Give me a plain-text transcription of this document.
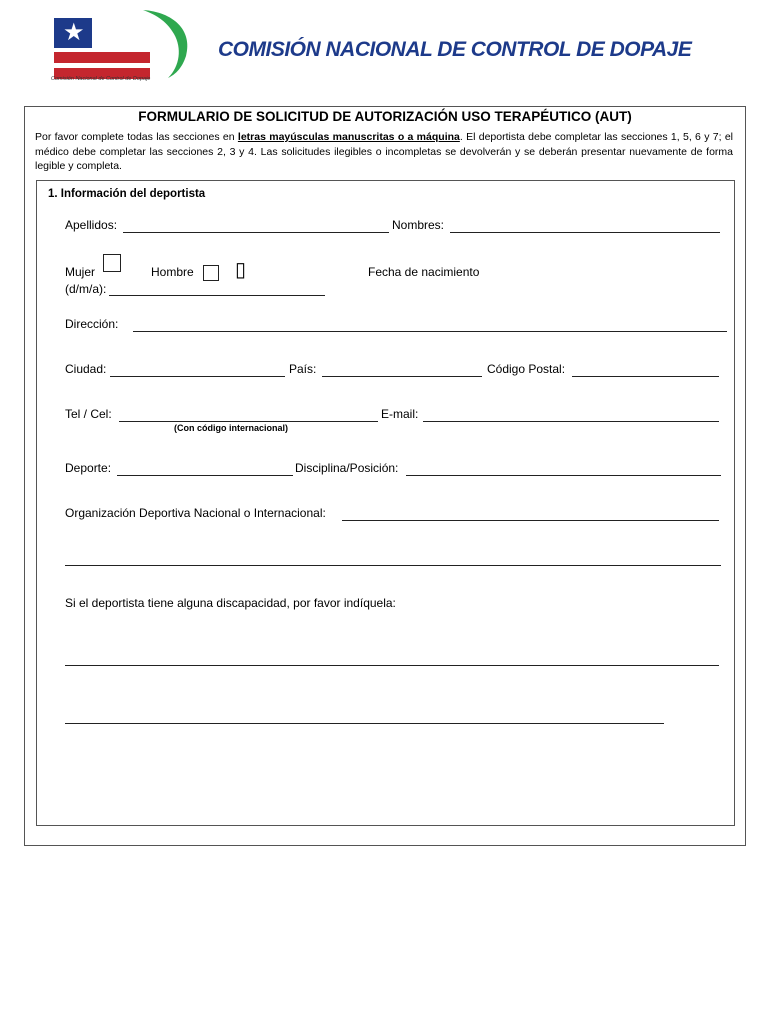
★	Juego
Limpio
Comisión Nacional de Control de Dopaje
COMISIÓN NACIONAL DE CONTROL DE DOPAJE
FORMULARIO DE SOLICITUD DE AUTORIZACIÓN USO TERAPÉUTICO (AUT)
Por favor complete todas las secciones en letras mayúsculas manuscritas o a máquina. El deportista debe completar las secciones 1, 5, 6 y 7; el médico debe completar las secciones 2, 3 y 4. Las solicitudes ilegibles o incompletas se devolverán y se deberán presentar nuevamente de forma legible y completa.
1. Información del deportista
Apellidos:	Nombres:
Mujer	Hombre ▯	Fecha de nacimiento
(d/m/a):
Dirección:
Ciudad:	País:	Código Postal:
Tel / Cel:	E-mail:
(Con código internacional)
Deporte:	Disciplina/Posición:
Organización Deportiva Nacional o Internacional:
Si el deportista tiene alguna discapacidad, por favor indíquela:
